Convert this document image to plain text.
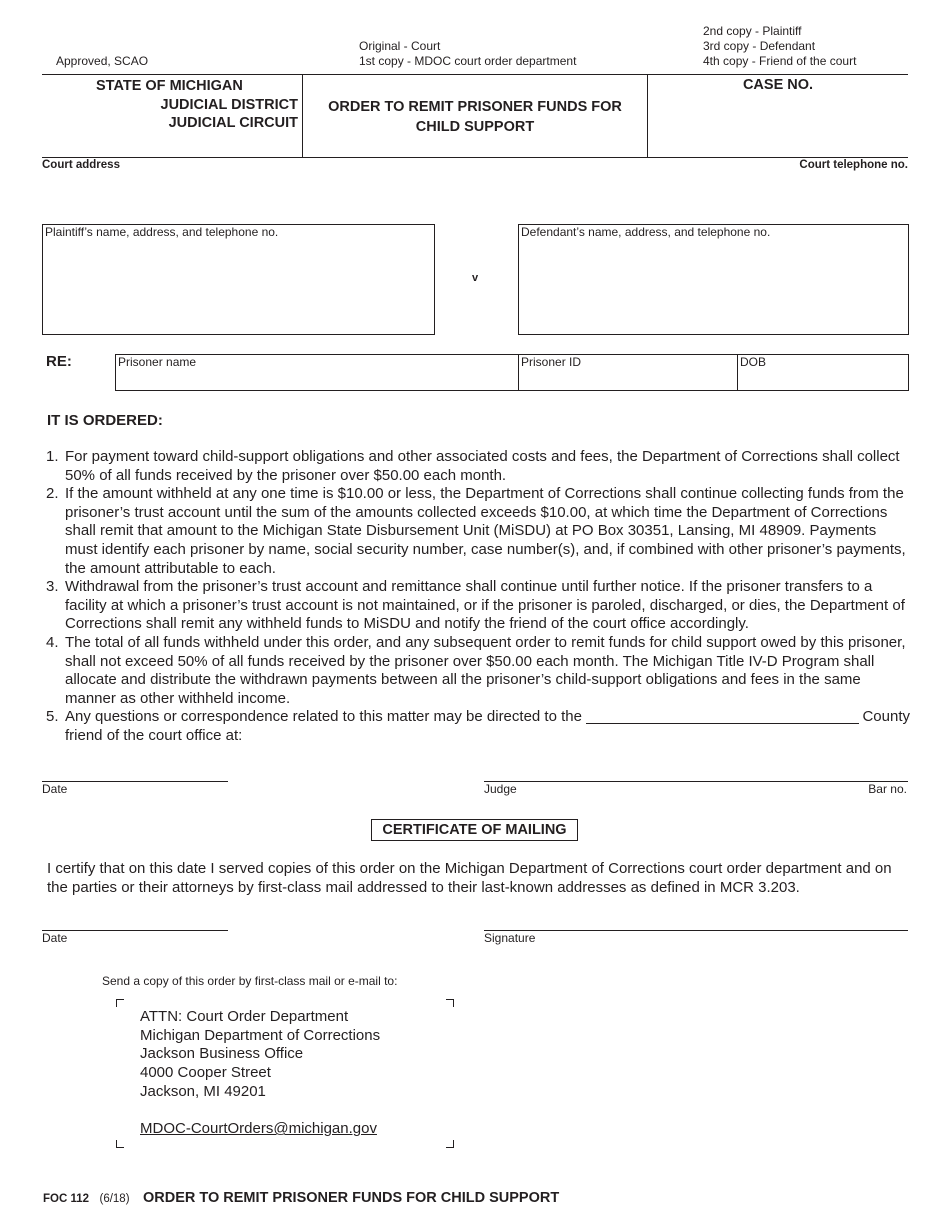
Approved, SCAO
Original - Court
1st copy - MDOC court order department
2nd copy - Plaintiff
3rd copy - Defendant
4th copy - Friend of the court
STATE OF MICHIGAN
JUDICIAL DISTRICT
JUDICIAL CIRCUIT
ORDER TO REMIT PRISONER FUNDS FOR
CHILD SUPPORT
CASE NO.
Court address	Court telephone no.
Plaintiff’s name, address, and telephone no.
v
Defendant’s name, address, and telephone no.
RE:	Prisoner name	Prisoner ID	DOB
IT IS ORDERED:
1. For payment toward child-support obligations and other associated costs and fees, the Department of Corrections shall collect 50% of all funds received by the prisoner over $50.00 each month.
2. If the amount withheld at any one time is $10.00 or less, the Department of Corrections shall continue collecting funds from the prisoner’s trust account until the sum of the amounts collected exceeds $10.00, at which time the Department of Corrections shall remit that amount to the Michigan State Disbursement Unit (MiSDU) at PO Box 30351, Lansing, MI 48909. Payments must identify each prisoner by name, social security number, case number(s), and, if combined with other prisoner’s payments, the amount attributable to each.
3. Withdrawal from the prisoner’s trust account and remittance shall continue until further notice. If the prisoner transfers to a facility at which a prisoner’s trust account is not maintained, or if the prisoner is paroled, discharged, or dies, the Department of Corrections shall remit any withheld funds to MiSDU and notify the friend of the court office accordingly.
4. The total of all funds withheld under this order, and any subsequent order to remit funds for child support owed by this prisoner, shall not exceed 50% of all funds received by the prisoner over $50.00 each month. The Michigan Title IV-D Program shall allocate and distribute the withdrawn payments between all the prisoner’s child-support obligations and fees in the same manner as other withheld income.
5. Any questions or correspondence related to this matter may be directed to the	County
friend of the court office at:
Date	Judge	Bar no.
CERTIFICATE OF MAILING
I certify that on this date I served copies of this order on the Michigan Department of Corrections court order department and on the parties or their attorneys by first-class mail addressed to their last-known addresses as defined in MCR 3.203.
Date	Signature
Send a copy of this order by first-class mail or e-mail to:
ATTN: Court Order Department
Michigan Department of Corrections
Jackson Business Office
4000 Cooper Street
Jackson, MI 49201
MDOC-CourtOrders@michigan.gov
FOC 112 (6/18) ORDER TO REMIT PRISONER FUNDS FOR CHILD SUPPORT
